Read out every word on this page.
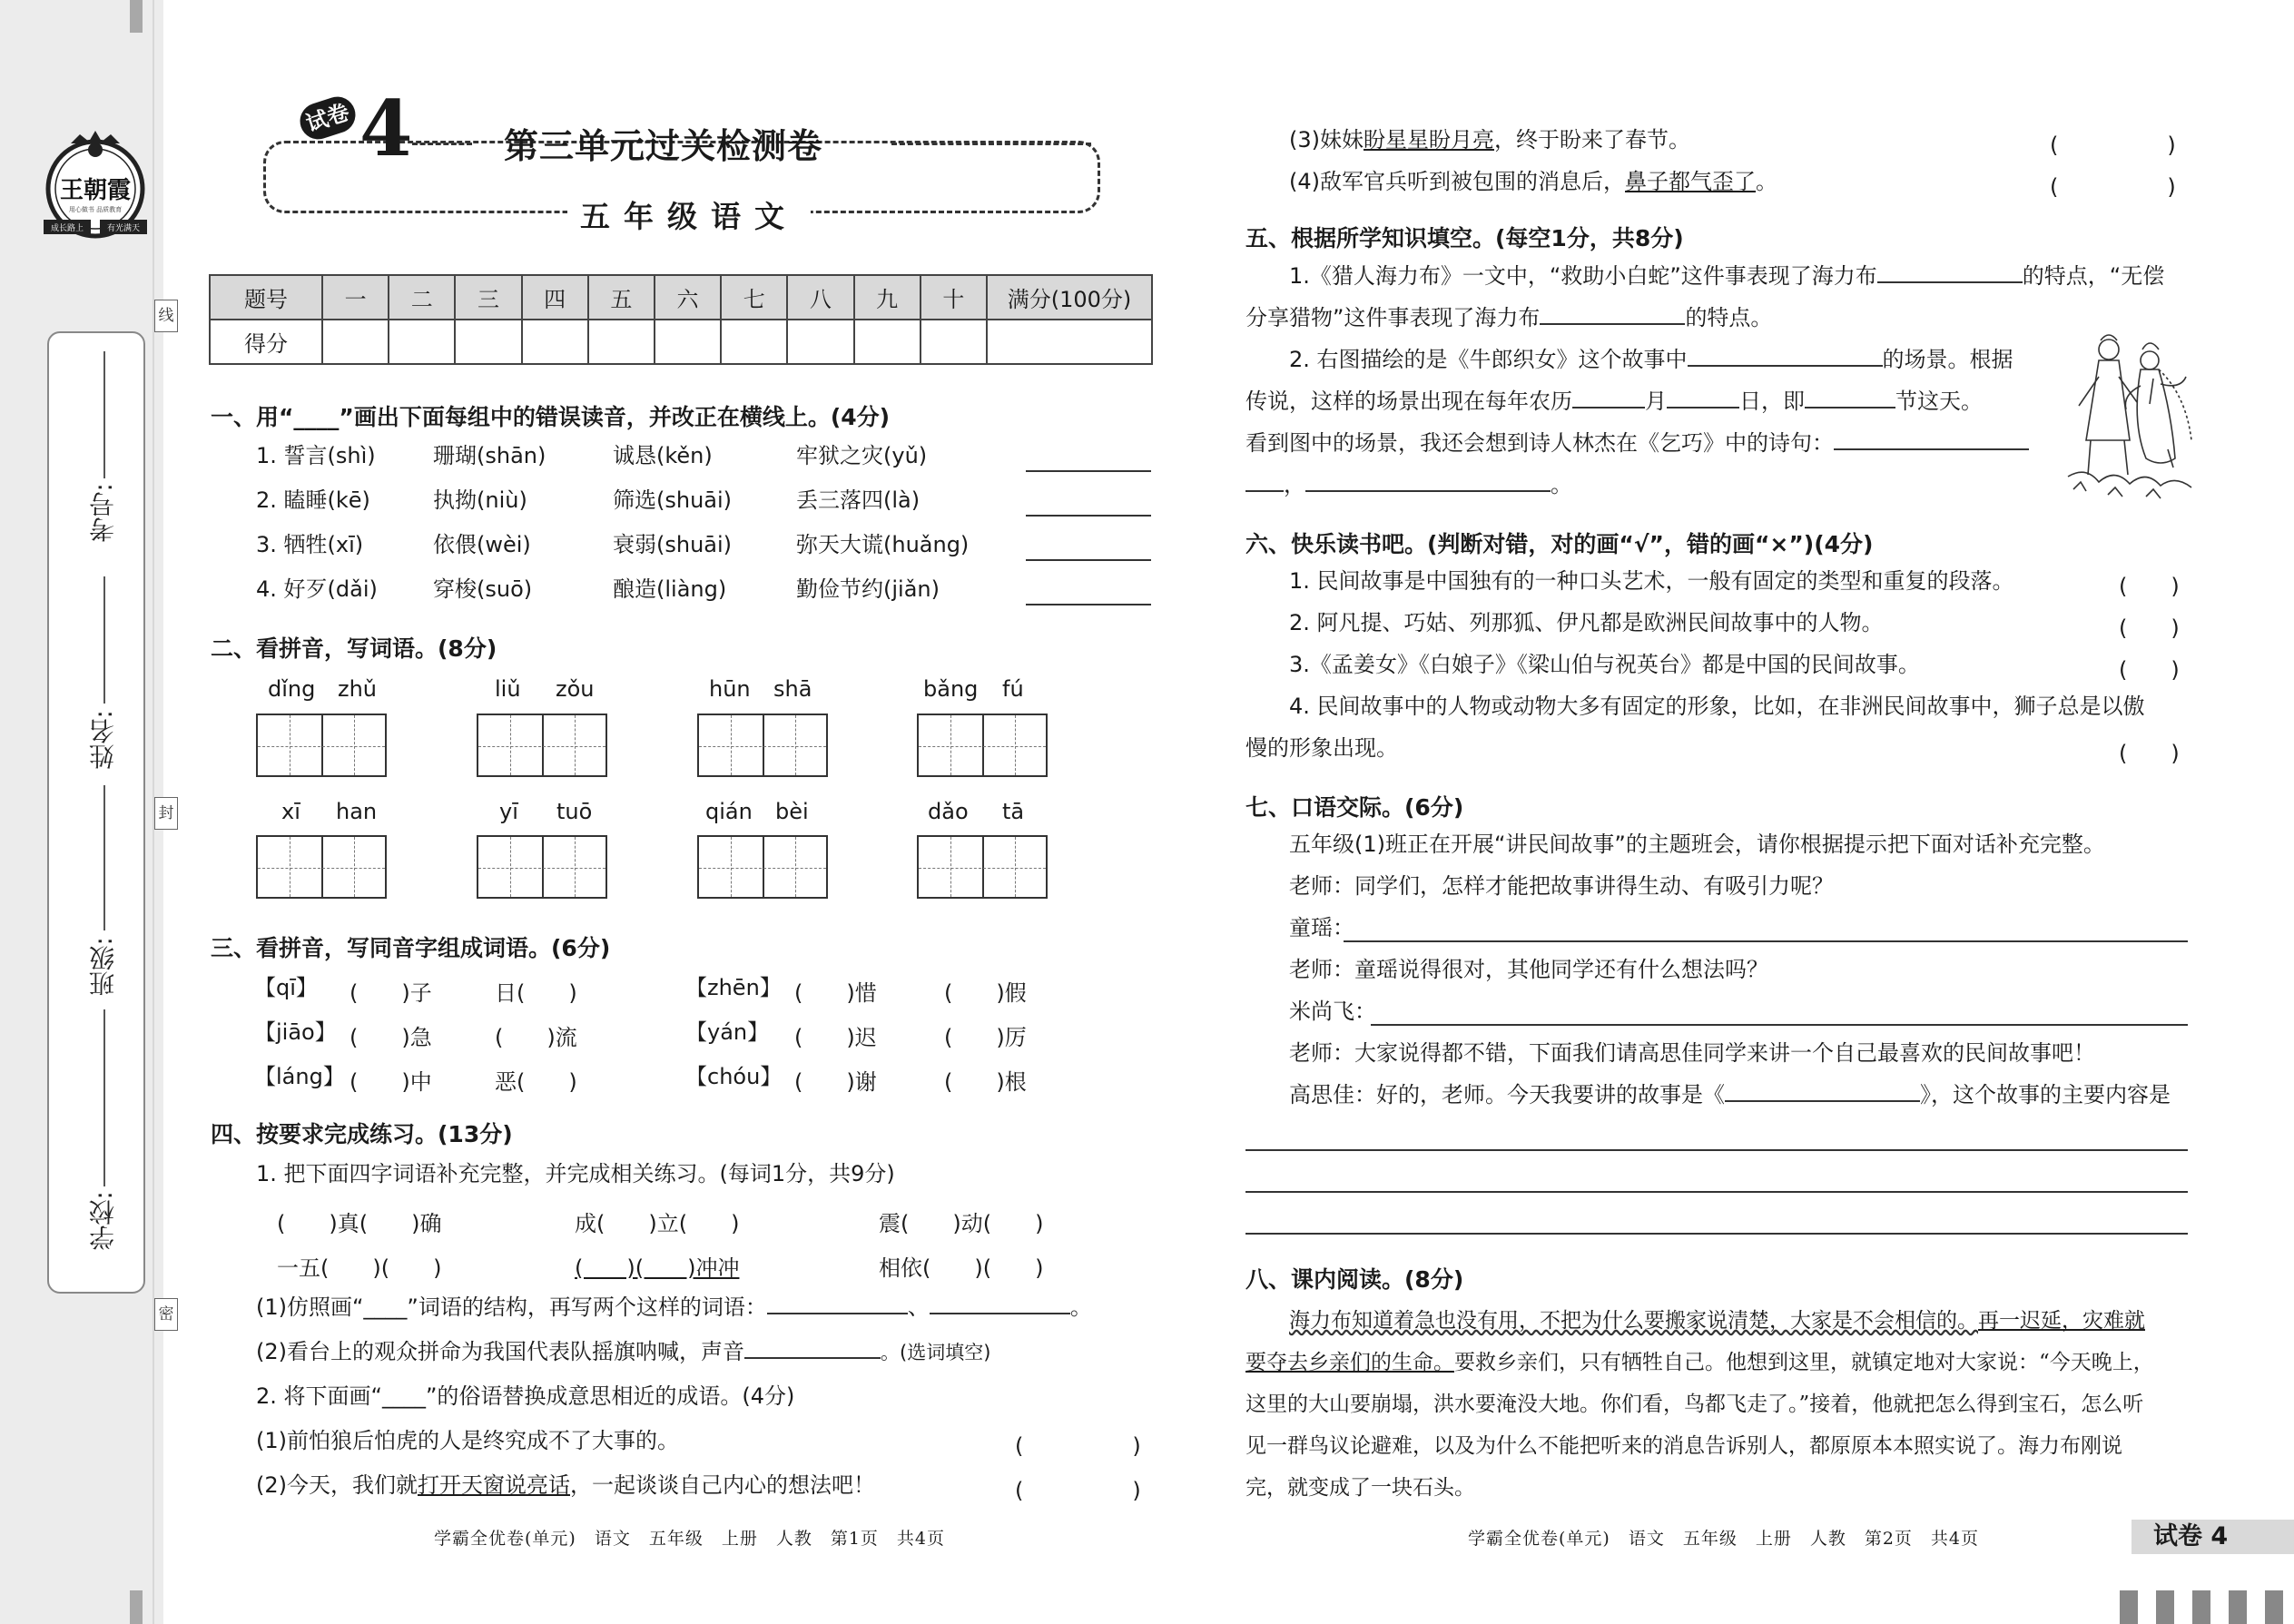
线
封
密
考号:
姓名:
班级:
学校:
王朝霞
用心做书 品质教育
成长路上	有光满天
试卷 4	第三单元过关检测卷
五年级语文
题号	一	二	三	四	五	六	七	八	九	十	满分(100分)
得分											
一、用“____”画出下面每组中的错误读音，并改正在横线上。(4分)
1. 誓言(shì)	珊瑚(shān)	诚恳(kěn)	牢狱之灾(yǔ)
2. 瞌睡(kē)	执拗(niù)	筛选(shuāi)	丢三落四(là)
3. 牺牲(xī)	依偎(wèi)	衰弱(shuāi)	弥天大谎(huǎng)
4. 好歹(dǎi)	穿梭(suō)	酿造(liàng)	勤俭节约(jiǎn)
二、看拼音，写词语。(8分)
dǐng zhǔ	liǔ zǒu	hūn shā	bǎng fú
xī han	yī tuō	qián bèi	dǎo tā
三、看拼音，写同音字组成词语。(6分)
【qī】 (　　)子	日(　　)	【zhēn】 (　　)惜	(　　)假
【jiāo】 (　　)急	(　　)流	【yán】 (　　)迟	(　　)厉
【láng】 (　　)中	恶(　　)	【chóu】 (　　)谢	(　　)根
四、按要求完成练习。(13分)
1. 把下面四字词语补充完整，并完成相关练习。(每词1分，共9分)
(　　)真(　　)确	成(　　)立(　　)	震(　　)动(　　)
一五(　　)(　　)	(　　)(　　)冲冲	相依(　　)(　　)
(1)仿照画“____”词语的结构，再写两个这样的词语：	、	。
(2)看台上的观众拼命为我国代表队摇旗呐喊，声音	。(选词填空)
2. 将下面画“____”的俗语替换成意思相近的成语。(4分)
(1)前怕狼后怕虎的人是终究成不了大事的。	(　　　　　)
(2)今天，我们就打开天窗说亮话，一起谈谈自己内心的想法吧！	(　　　　　)
学霸全优卷(单元)　语文　五年级　上册　人教　第1页　共4页
(3)妹妹盼星星盼月亮，终于盼来了春节。	(　　　　　)
(4)敌军官兵听到被包围的消息后，鼻子都气歪了。	(　　　　　)
五、根据所学知识填空。(每空1分，共8分)
1.《猎人海力布》一文中，“救助小白蛇”这件事表现了海力布	的特点，“无偿
分享猎物”这件事表现了海力布	的特点。
2. 右图描绘的是《牛郎织女》这个故事中	的场景。根据
传说，这样的场景出现在每年农历	月	日，即	节这天。
看到图中的场景，我还会想到诗人林杰在《乞巧》中的诗句：
，	。
六、快乐读书吧。(判断对错，对的画“√”，错的画“×”)(4分)
1. 民间故事是中国独有的一种口头艺术，一般有固定的类型和重复的段落。	(　　)
2. 阿凡提、巧姑、列那狐、伊凡都是欧洲民间故事中的人物。	(　　)
3.《孟姜女》《白娘子》《梁山伯与祝英台》都是中国的民间故事。	(　　)
4. 民间故事中的人物或动物大多有固定的形象，比如，在非洲民间故事中，狮子总是以傲
慢的形象出现。	(　　)
七、口语交际。(6分)
五年级(1)班正在开展“讲民间故事”的主题班会，请你根据提示把下面对话补充完整。
老师：同学们，怎样才能把故事讲得生动、有吸引力呢？
童瑶：
老师：童瑶说得很对，其他同学还有什么想法吗？
米尚飞：
老师：大家说得都不错，下面我们请高思佳同学来讲一个自己最喜欢的民间故事吧！
高思佳：好的，老师。今天我要讲的故事是《	》，这个故事的主要内容是
八、课内阅读。(8分)
海力布知道着急也没有用，不把为什么要搬家说清楚，大家是不会相信的。再一迟延，灾难就
要夺去乡亲们的生命。要救乡亲们，只有牺牲自己。他想到这里，就镇定地对大家说：“今天晚上，
这里的大山要崩塌，洪水要淹没大地。你们看，鸟都飞走了。”接着，他就把怎么得到宝石，怎么听
见一群鸟议论避难，以及为什么不能把听来的消息告诉别人，都原原本本照实说了。海力布刚说
完，就变成了一块石头。
学霸全优卷(单元)　语文　五年级　上册　人教　第2页　共4页	试卷 4
